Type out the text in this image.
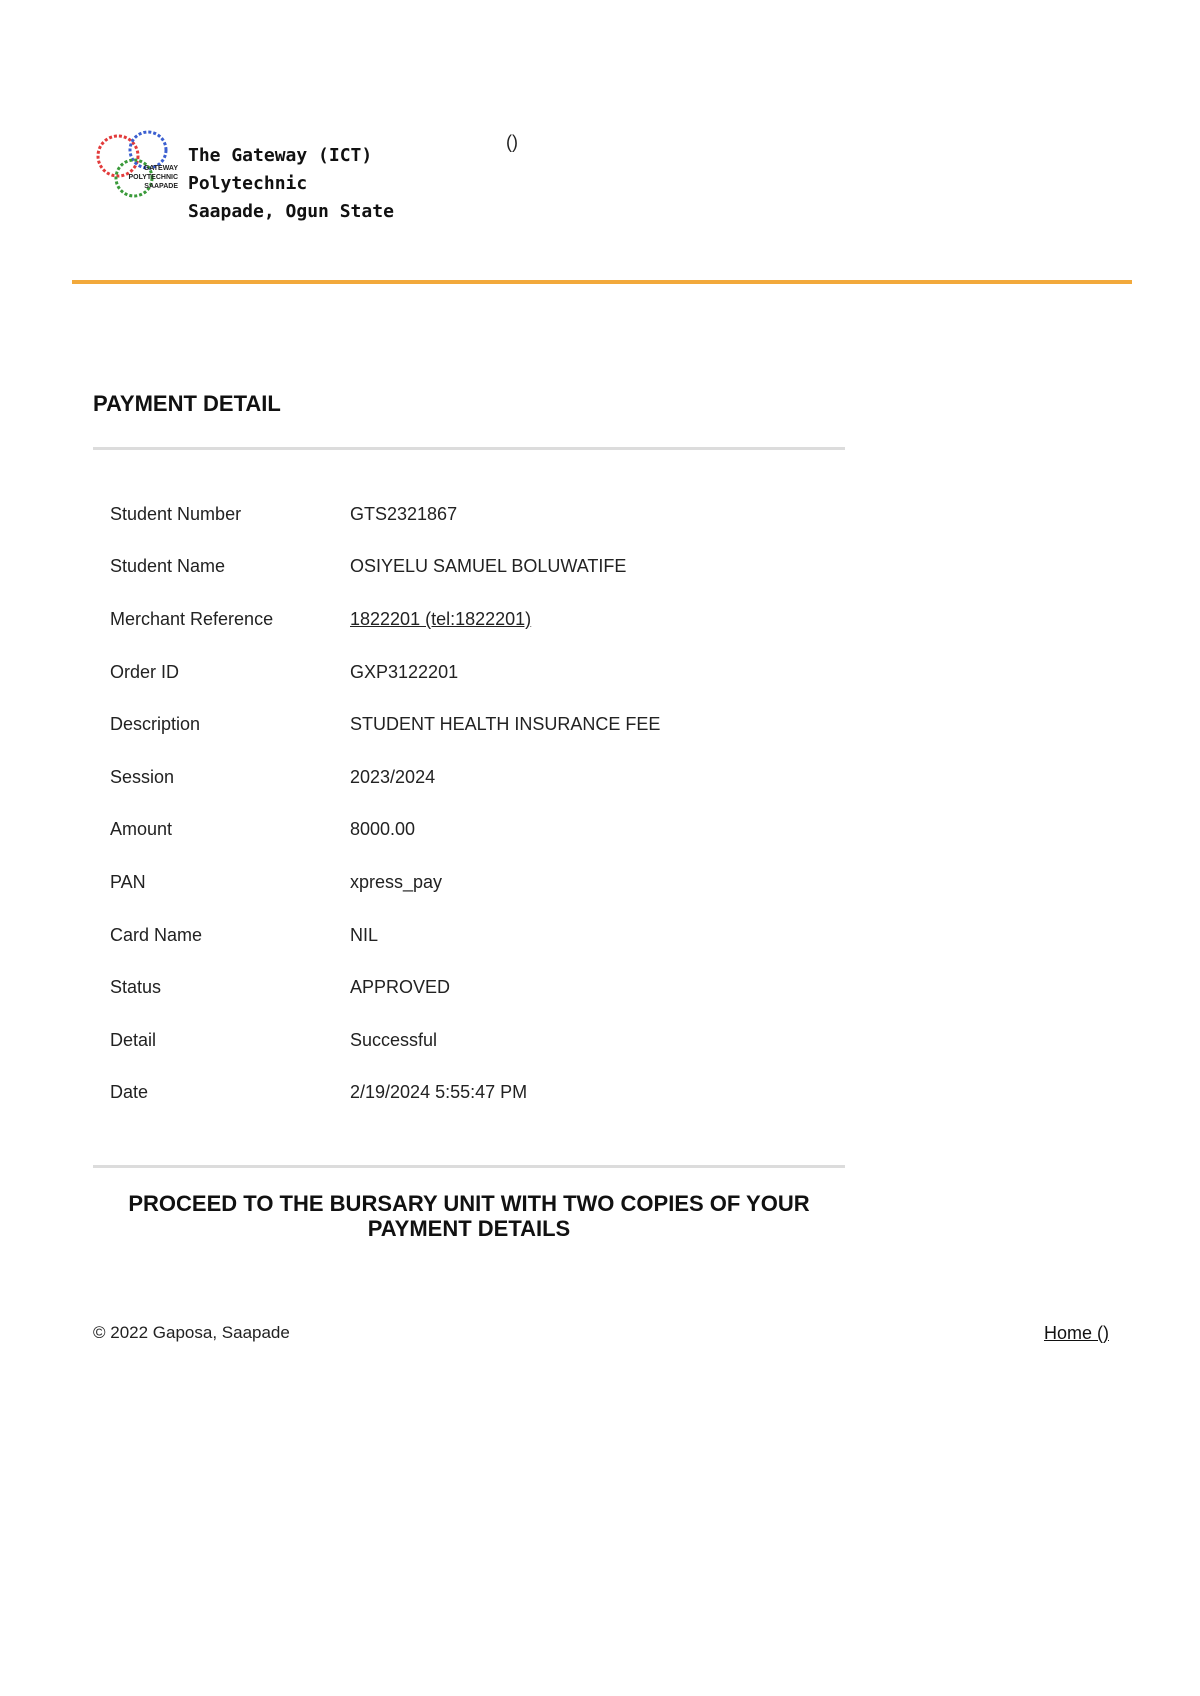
GATEWAY
POLYTECHNIC
SAAPADE
The Gateway (ICT)
Polytechnic
Saapade, Ogun State
()
PAYMENT DETAIL
Student Number	GTS2321867
Student Name	OSIYELU SAMUEL BOLUWATIFE
Merchant Reference	1822201 (tel:1822201)
Order ID	GXP3122201
Description	STUDENT HEALTH INSURANCE FEE
Session	2023/2024
Amount	8000.00
PAN	xpress_pay
Card Name	NIL
Status	APPROVED
Detail	Successful
Date	2/19/2024 5:55:47 PM

PROCEED TO THE BURSARY UNIT WITH TWO COPIES OF YOUR PAYMENT DETAILS

© 2022 Gaposa, Saapade	Home ()
